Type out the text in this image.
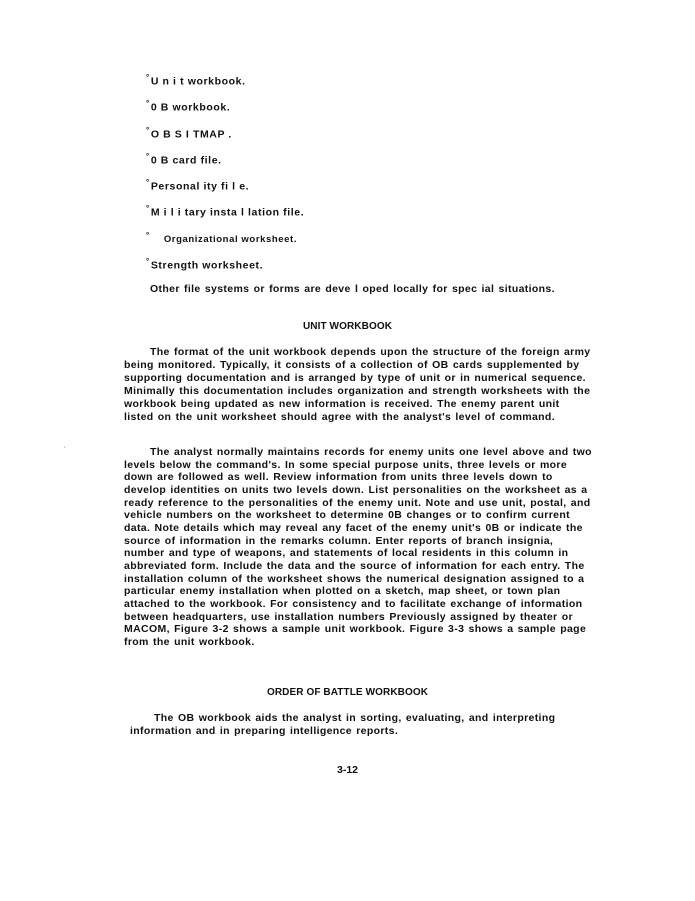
°U n i t workbook.
°0 B workbook.
°O B S I TMAP .
°0 B card file.
°Personal ity fi l e.
°M i l i tary insta l lation file.
° Organizational worksheet.
°Strength worksheet.

Other file systems or forms are deve l oped locally for spec ial situations.

UNIT WORKBOOK

The format of the unit workbook depends upon the structure of the foreign army being monitored. Typically, it consists of a collection of OB cards supplemented by supporting documentation and is arranged by type of unit or in numerical sequence. Minimally this documentation includes organization and strength worksheets with the workbook being updated as new information is received. The enemy parent unit listed on the unit worksheet should agree with the analyst's level of command.

'	The analyst normally maintains records for enemy units one level above and two levels below the command's. In some special purpose units, three levels or more down are followed as well. Review information from units three levels down to develop identities on units two levels down. List personalities on the worksheet as a ready reference to the personalities of the enemy unit. Note and use unit, postal, and vehicle numbers on the worksheet to determine 0B changes or to confirm current data. Note details which may reveal any facet of the enemy unit's 0B or indicate the source of information in the remarks column. Enter reports of branch insignia, number and type of weapons, and statements of local residents in this column in abbreviated form. Include the data and the source of information for each entry. The installation column of the worksheet shows the numerical designation assigned to a particular enemy installation when plotted on a sketch, map sheet, or town plan attached to the workbook. For consistency and to facilitate exchange of information between headquarters, use installation numbers Previously assigned by theater or MACOM, Figure 3-2 shows a sample unit workbook. Figure 3-3 shows a sample page from the unit workbook.

ORDER OF BATTLE WORKBOOK

The OB workbook aids the analyst in sorting, evaluating, and interpreting information and in preparing intelligence reports.

3-12
